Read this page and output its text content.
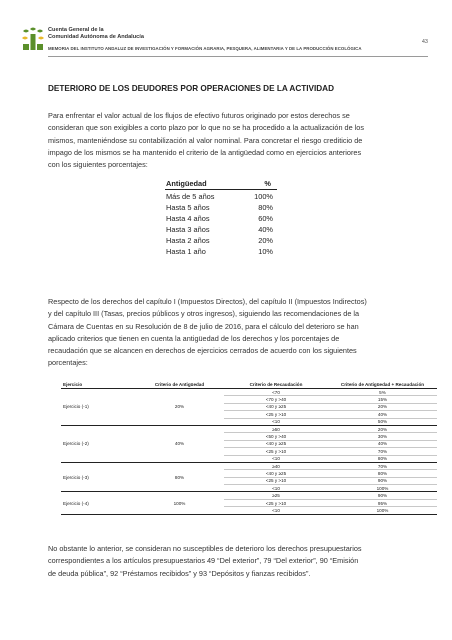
Cuenta General de la
Comunidad Autónoma de Andalucía
MEMORIA DEL INSTITUTO ANDALUZ DE INVESTIGACIÓN Y FORMACIÓN AGRARIA, PESQUERA, ALIMENTARIA Y DE LA PRODUCCIÓN ECOLÓGICA
43
DETERIORO DE LOS DEUDORES POR OPERACIONES DE LA ACTIVIDAD
Para enfrentar el valor actual de los flujos de efectivo futuros originado por estos derechos se
consideran que son exigibles a corto plazo por lo que no se ha procedido a la actualización de los
mismos, manteniéndose su contabilización al valor nominal. Para concretar el riesgo crediticio de
impago de los mismos se ha mantenido el criterio de la antigüedad como en ejercicios anteriores
con los siguientes porcentajes:
Antigüedad	%
Más de 5 años	100%
Hasta 5 años	80%
Hasta 4 años	60%
Hasta 3 años	40%
Hasta 2 años	20%
Hasta 1 año	10%
Respecto de los derechos del capítulo I (Impuestos Directos), del capítulo II (Impuestos Indirectos)
y del capítulo III (Tasas, precios públicos y otros ingresos), siguiendo las recomendaciones de la
Cámara de Cuentas en su Resolución de 8 de julio de 2016, para el cálculo del deterioro se han
aplicado criterios que tienen en cuenta la antigüedad de los derechos y los porcentajes de
recaudación que se alcancen en derechos de ejercicios cerrados de acuerdo con los siguientes
porcentajes:
Ejercicio	Criterio de Antigüedad	Criterio de Recaudación	Criterio de Antigüedad + Recaudación
Ejercicio (-1)	20%	<70	5%
		<70 y >40	15%
		<40 y ≥25	20%
		<25 y >10	40%
		<10	50%
Ejercicio (-2)	40%	≥50	20%
		<50 y >40	30%
		<40 y ≥25	40%
		<25 y >10	70%
		<10	80%
Ejercicio (-3)	80%	≥40	70%
		<40 y ≥25	80%
		<25 y >10	90%
		<10	100%
Ejercicio (-4)	100%	≥25	90%
		<25 y >10	95%
		<10	100%
No obstante lo anterior, se consideran no susceptibles de deterioro los derechos presupuestarios
correspondientes a los artículos presupuestarios 49 “Del exterior”, 79 “Del exterior”, 90 “Emisión
de deuda pública”, 92 “Préstamos recibidos” y 93 “Depósitos y fianzas recibidos”.
